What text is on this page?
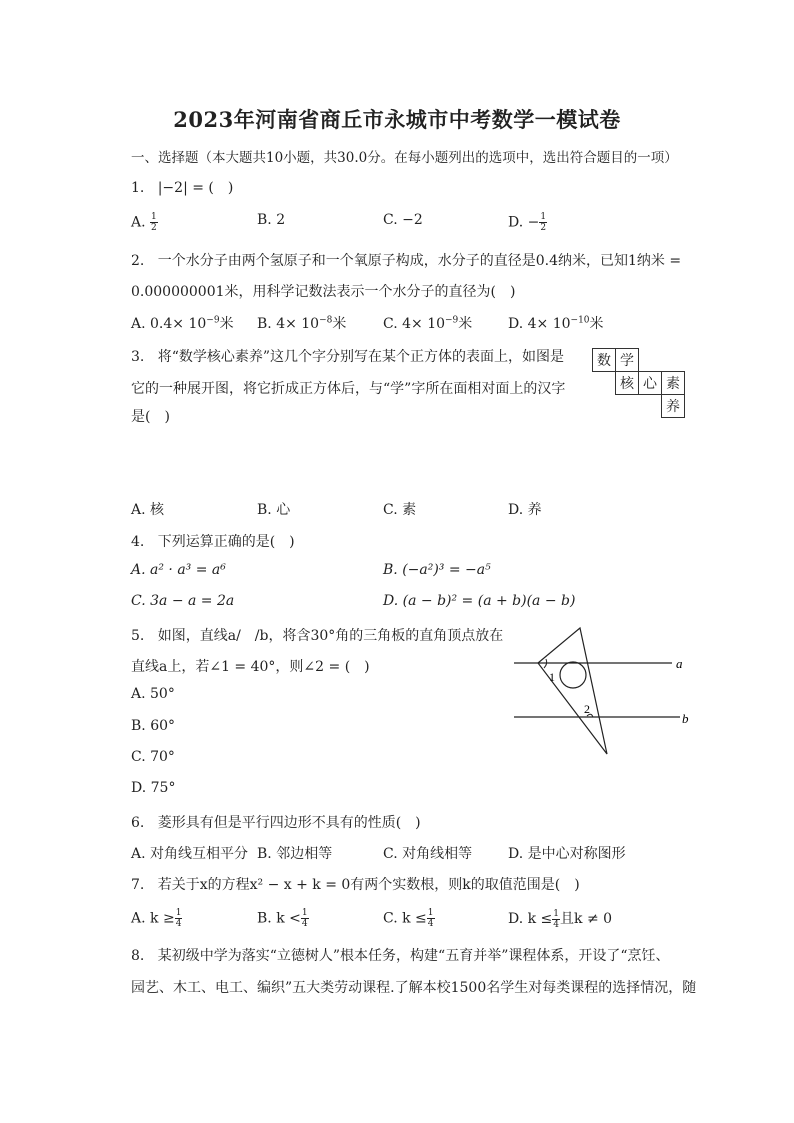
2023年河南省商丘市永城市中考数学一模试卷
一、选择题（本大题共10小题，共30.0分。在每小题列出的选项中，选出符合题目的一项）
1. |−2| = (　)
A. $\frac{1}{2}$	B. 2	C. −2	D. − $\frac{1}{2}$
2. 一个水分子由两个氢原子和一个氧原子构成，水分子的直径是0.4纳米，已知1纳米 =
0.000000001米，用科学记数法表示一个水分子的直径为(　)
A. $0.4\times 10^{-9}$米 B. $4\times 10^{-8}$米	C. $4\times 10^{-9}$米	D. $4\times 10^{-10}$米
3. 将“数学核心素养”这几个字分别写在某个正方体的表面上，如图是
它的一种展开图，将它折成正方体后，与“学”字所在面相对面上的汉字
是(　)
数 学
核 心 素
养
A. 核	B. 心	C. 素	D. 养
4. 下列运算正确的是(　)
A. a² · a³ = a⁶	B. (−a²)³ = −a⁵
C. 3a − a = 2a	D. (a − b)² = (a + b)(a − b)
5. 如图，直线a/　/b，将含30°角的三角板的直角顶点放在
直线a上，若∠1 = 40°，则∠2 = (　)
A. 50°
B. 60°
C. 70°
D. 75°
a
b
1
2
6. 菱形具有但是平行四边形不具有的性质(　)
A. 对角线互相平分 B. 邻边相等	C. 对角线相等	D. 是中心对称图形
7. 若关于x的方程x² − x + k = 0有两个实数根，则k的取值范围是(　)
A. $k \ge \frac{1}{4}$	B. $k < \frac{1}{4}$	C. $k \le \frac{1}{4}$	D. $k \le \frac{1}{4}$ 且k ≠ 0
8. 某初级中学为落实“立德树人”根本任务，构建“五育并举”课程体系，开设了“烹饪、
园艺、木工、电工、编织”五大类劳动课程.了解本校1500名学生对每类课程的选择情况，随
